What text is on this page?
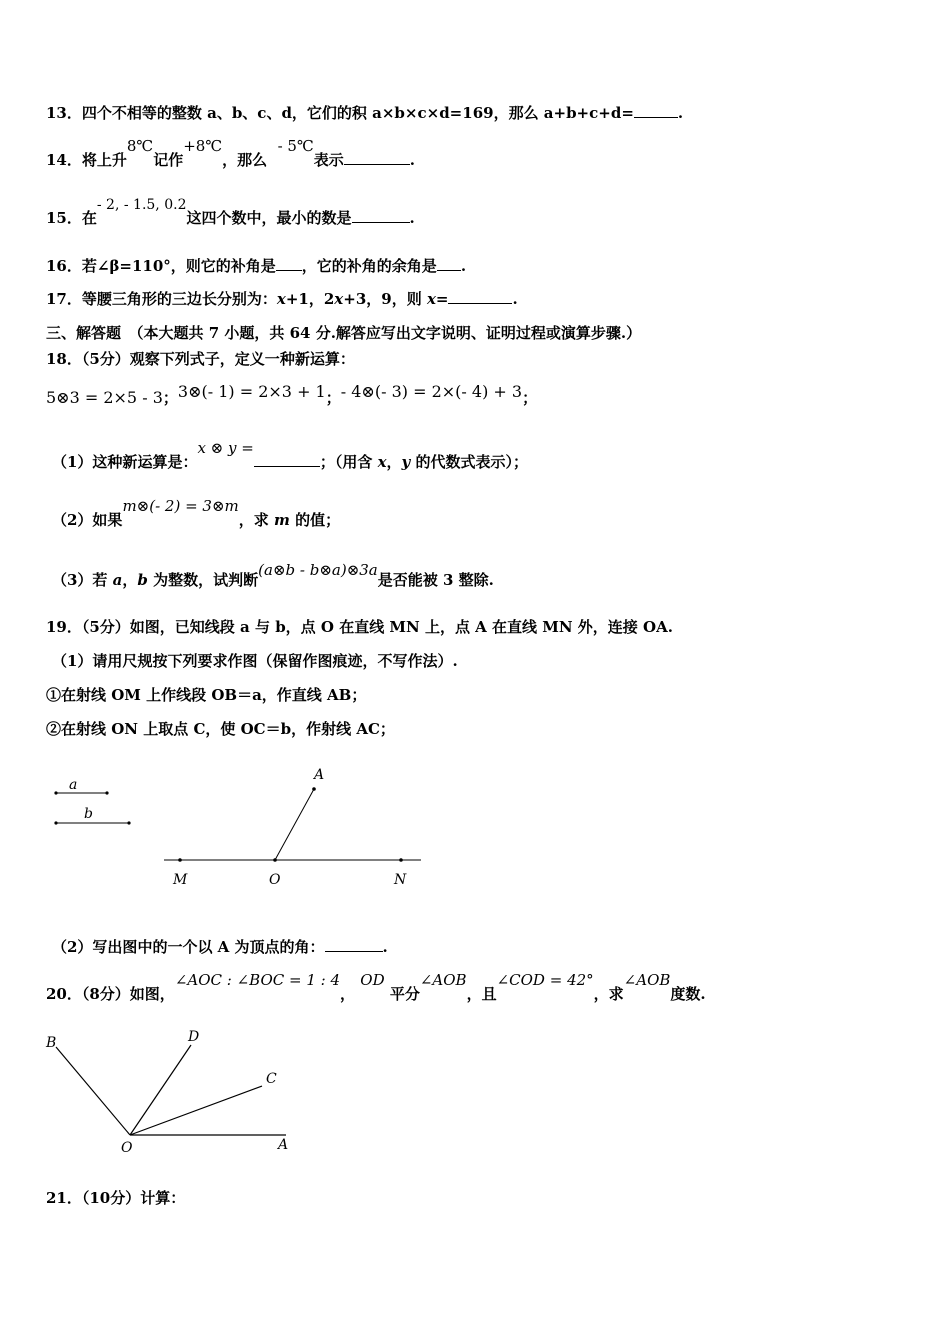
13．四个不相等的整数 a、b、c、d，它们的积 a×b×c×d=169，那么 a+b+c+d=	.
14．将上升8℃记作+8℃，那么  - 5℃表示	.
15．在- 2, - 1.5, 0.2这四个数中，最小的数是	.
16．若∠β=110°，则它的补角是 ，它的补角的余角是 .
17．等腰三角形的三边长分别为：x+1，2x+3，9，则 x=	.
三、解答题　（本大题共 7 小题，共 64 分.解答应写出文字说明、证明过程或演算步骤.）
18．（5分）观察下列式子，定义一种新运算：
5⊗3 = 2×5 - 3；3⊗(- 1) = 2×3 + 1；- 4⊗(- 3) = 2×(- 4) + 3；
（1）这种新运算是：x ⊗ y =；（用含 x，y 的代数式表示）；
（2）如果m⊗(- 2) = 3⊗m，求 m 的值；
（3）若 a，b 为整数，试判断(a⊗b - b⊗a)⊗3a是否能被 3 整除.
19．（5分）如图，已知线段 a 与 b，点 O 在直线 MN 上，点 A 在直线 MN 外，连接 OA.
（1）请用尺规按下列要求作图（保留作图痕迹，不写作法）.
①在射线 OM 上作线段 OB＝a，作直线 AB；
②在射线 ON 上取点 C，使 OC＝b，作射线 AC；
a
b
A
M	O	N
（2）写出图中的一个以 A 为顶点的角：	.
20．（8分）如图，∠AOC : ∠BOC = 1 : 4， OD 平分∠AOB，且∠COD = 42°，求∠AOB度数.
B	D
C
O	A
21．（10分）计算：
